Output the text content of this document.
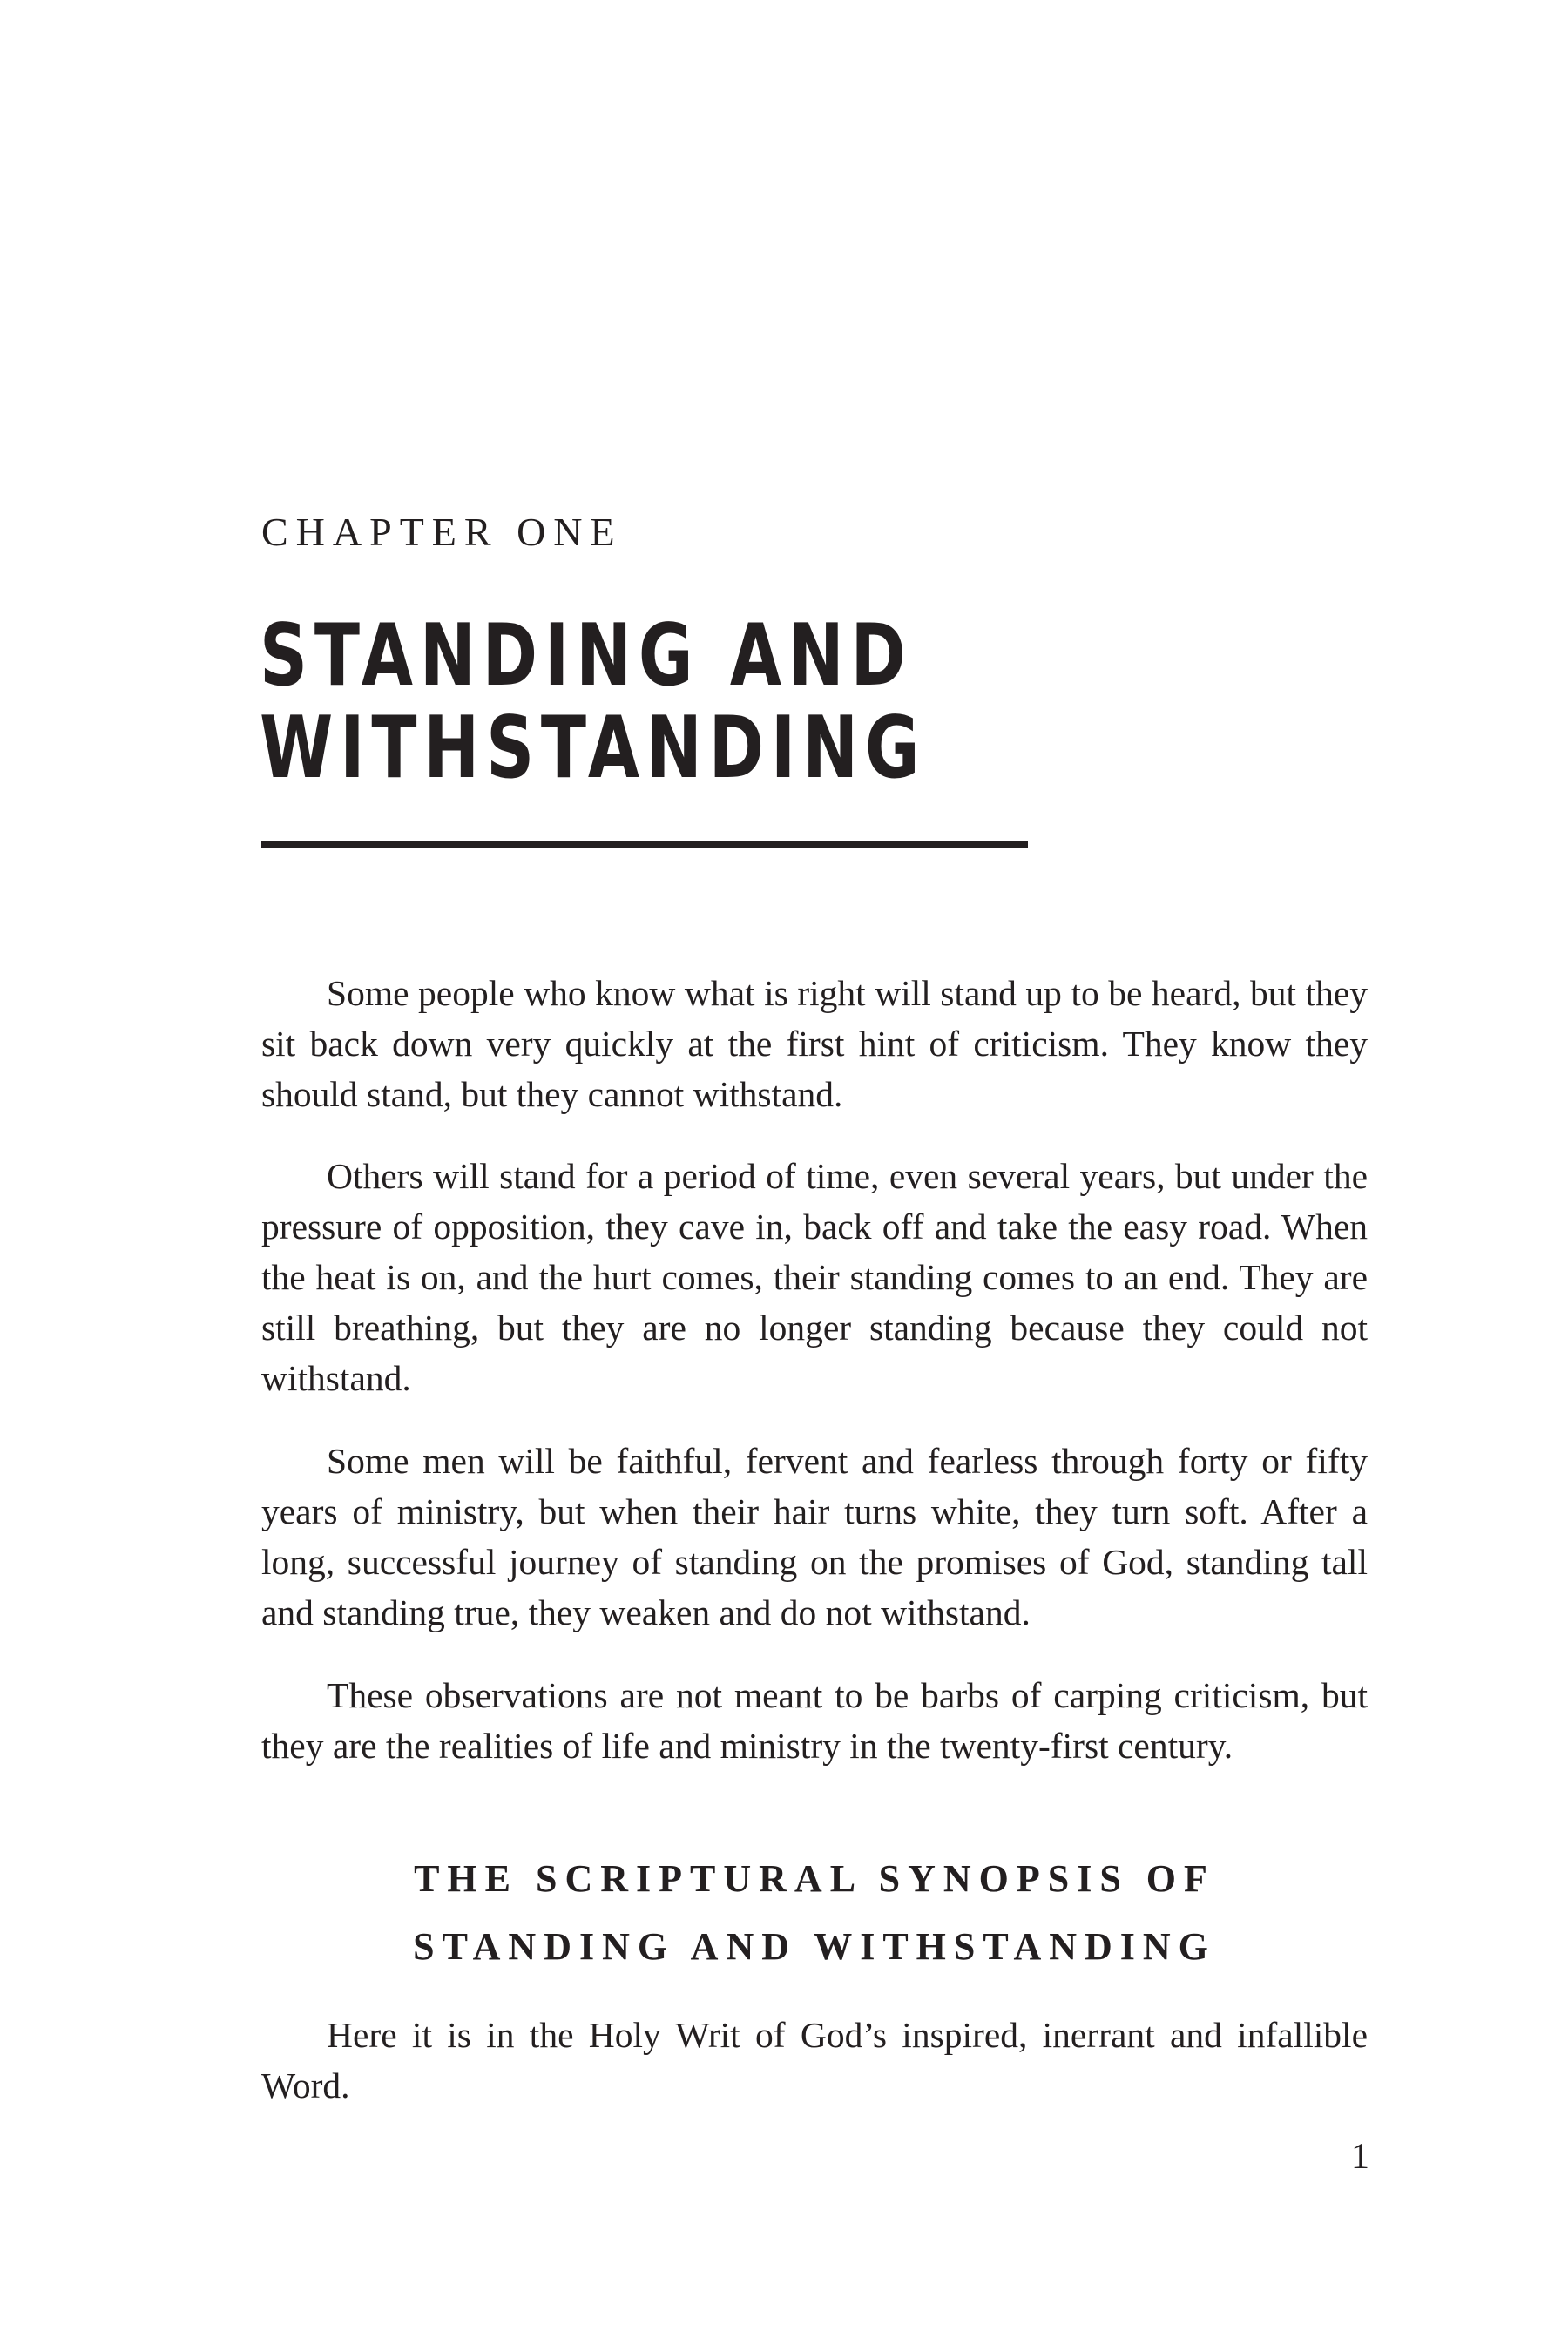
CHAPTER ONE
STANDING AND
WITHSTANDING

Some people who know what is right will stand up to be heard, but they sit back down very quickly at the first hint of criticism. They know they should stand, but they cannot withstand.

Others will stand for a period of time, even several years, but under the pressure of opposition, they cave in, back off and take the easy road. When the heat is on, and the hurt comes, their standing comes to an end. They are still breathing, but they are no longer standing because they could not withstand.

Some men will be faithful, fervent and fearless through forty or fifty years of ministry, but when their hair turns white, they turn soft. After a long, successful journey of standing on the promises of God, standing tall and standing true, they weaken and do not withstand.

These observations are not meant to be barbs of carping criticism, but they are the realities of life and ministry in the twenty-first century.

THE SCRIPTURAL SYNOPSIS OF
STANDING AND WITHSTANDING

Here it is in the Holy Writ of God’s inspired, inerrant and infallible Word.

1
